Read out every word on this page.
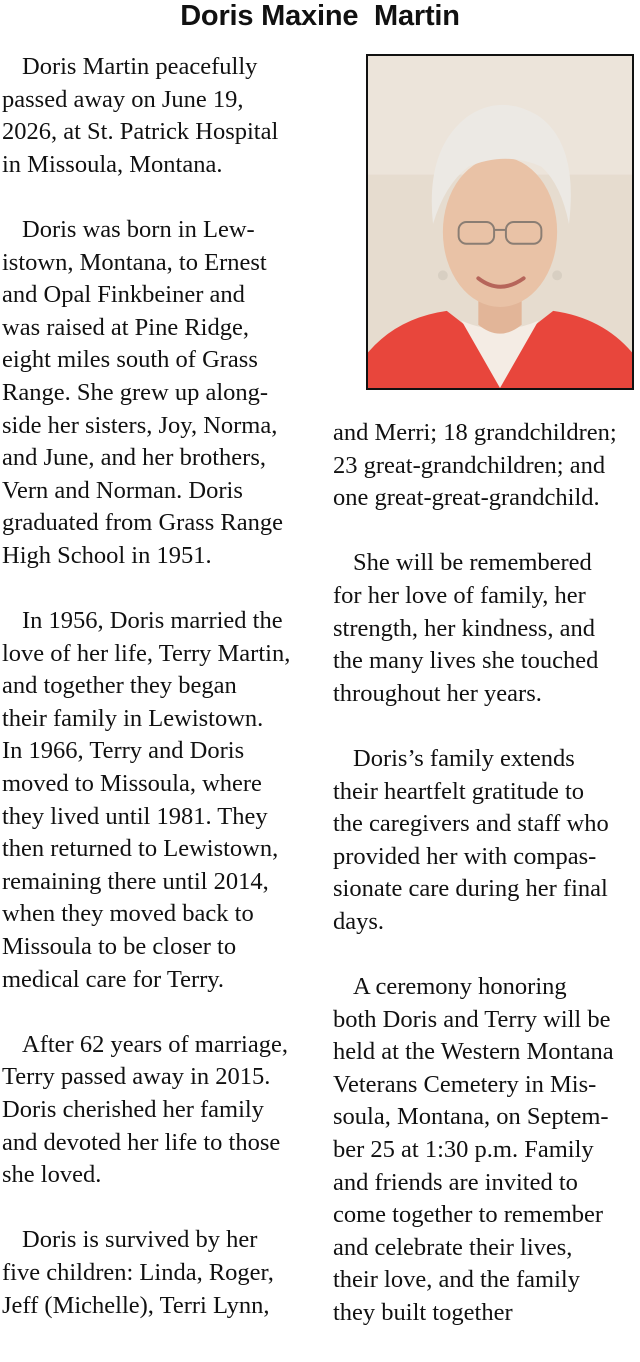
Doris Maxine  Martin
Doris Martin peacefully
passed away on June 19,
2026, at St. Patrick Hospital
in Missoula, Montana.
Doris was born in Lew-
istown, Montana, to Ernest
and Opal Finkbeiner and
was raised at Pine Ridge,
eight miles south of Grass
Range. She grew up along-
side her sisters, Joy, Norma,
and June, and her brothers,
Vern and Norman. Doris
graduated from Grass Range
High School in 1951.
In 1956, Doris married the
love of her life, Terry Martin,
and together they began
their family in Lewistown.
In 1966, Terry and Doris
moved to Missoula, where
they lived until 1981. They
then returned to Lewistown,
remaining there until 2014,
when they moved back to
Missoula to be closer to
medical care for Terry.
After 62 years of marriage,
Terry passed away in 2015.
Doris cherished her family
and devoted her life to those
she loved.
Doris is survived by her
five children: Linda, Roger,
Jeff (Michelle), Terri Lynn,
and Merri; 18 grandchildren;
23 great-grandchildren; and
one great-great-grandchild.
She will be remembered
for her love of family, her
strength, her kindness, and
the many lives she touched
throughout her years.
Doris’s family extends
their heartfelt gratitude to
the caregivers and staff who
provided her with compas-
sionate care during her final
days.
A ceremony honoring
both Doris and Terry will be
held at the Western Montana
Veterans Cemetery in Mis-
soula, Montana, on Septem-
ber 25 at 1:30 p.m. Family
and friends are invited to
come together to remember
and celebrate their lives,
their love, and the family
they built together
